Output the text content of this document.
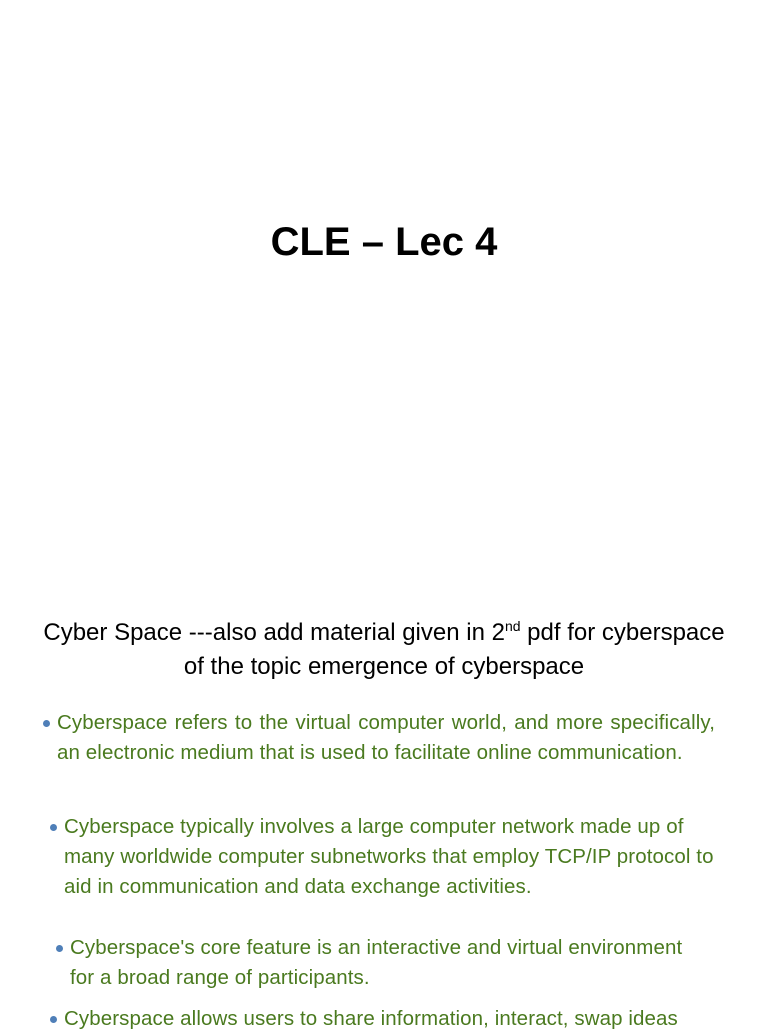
CLE – Lec 4

Cyber Space ---also add material given in 2nd pdf for cyberspace of the topic emergence of cyberspace

Cyberspace refers to the virtual computer world, and more specifically, an electronic medium that is used to facilitate online communication.

Cyberspace typically involves a large computer network made up of many worldwide computer subnetworks that employ TCP/IP protocol to aid in communication and data exchange activities.

Cyberspace's core feature is an interactive and virtual environment for a broad range of participants.

Cyberspace allows users to share information, interact, swap ideas
